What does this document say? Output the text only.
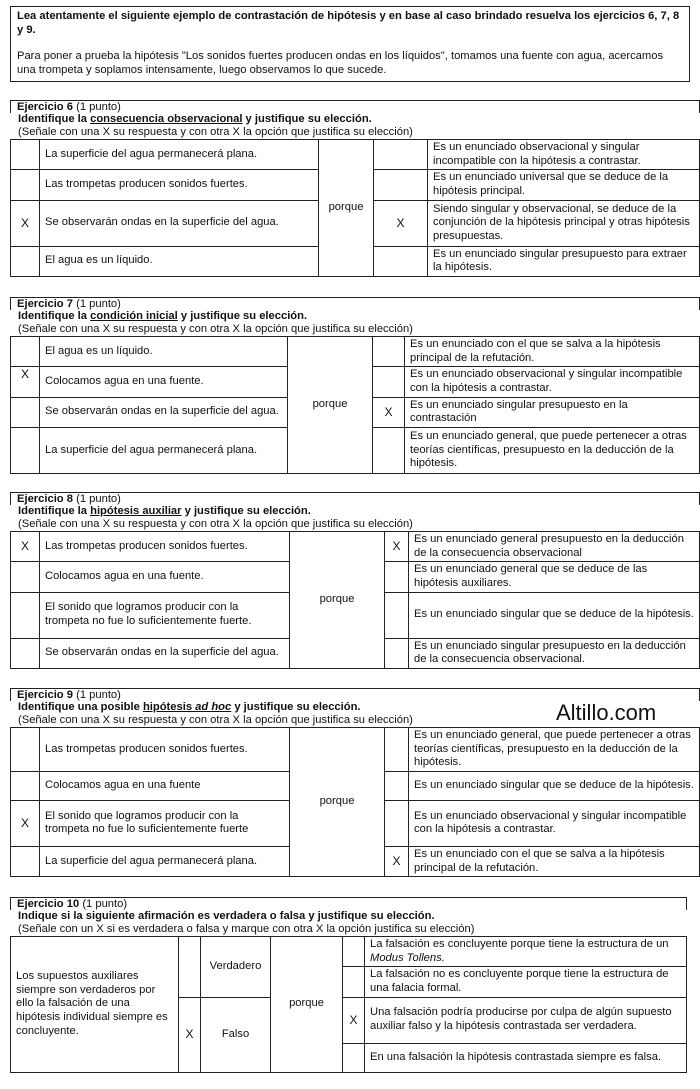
Lea atentamente el siguiente ejemplo de contrastación de hipótesis y en base al caso brindado resuelva los ejercicios 6, 7, 8 y 9.

Para poner a prueba la hipótesis "Los sonidos fuertes producen ondas en los líquidos", tomamos una fuente con agua, acercamos una trompeta y soplamos intensamente, luego observamos lo que sucede.

Ejercicio 6 (1 punto)
Identifique la consecuencia observacional y justifique su elección.
(Señale con una X su respuesta y con otra X la opción que justifica su elección)
	La superficie del agua permanecerá plana.	porque		Es un enunciado observacional y singular incompatible con la hipótesis a contrastar.
	Las trompetas producen sonidos fuertes.			Es un enunciado universal que se deduce de la hipótesis principal.
X	Se observarán ondas en la superficie del agua.		X	Siendo singular y observacional, se deduce de la conjunción de la hipótesis principal y otras hipótesis presupuestas.
	El agua es un líquido.			Es un enunciado singular presupuesto para extraer la hipótesis.
Ejercicio 7 (1 punto)
Identifique la condición inicial y justifique su elección.
(Señale con una X su respuesta y con otra X la opción que justifica su elección)
	El agua es un líquido.	porque		Es un enunciado con el que se salva a la hipótesis principal de la refutación.
X	Colocamos agua en una fuente.			Es un enunciado observacional y singular incompatible con la hipótesis a contrastar.
	Se observarán ondas en la superficie del agua.		X	Es un enunciado singular presupuesto en la contrastación
	La superficie del agua permanecerá plana.			Es un enunciado general, que puede pertenecer a otras teorías científicas, presupuesto en la deducción de la hipótesis.
Ejercicio 8 (1 punto)
Identifique la hipótesis auxiliar y justifique su elección.
(Señale con una X su respuesta y con otra X la opción que justifica su elección)
X	Las trompetas producen sonidos fuertes.	porque	X	Es un enunciado general presupuesto en la deducción de la consecuencia observacional
	Colocamos agua en una fuente.			Es un enunciado general que se deduce de las hipótesis auxiliares.
	El sonido que logramos producir con la trompeta no fue lo suficientemente fuerte.			Es un enunciado singular que se deduce de la hipótesis.
	Se observarán ondas en la superficie del agua.			Es un enunciado singular presupuesto en la deducción de la consecuencia observacional.
Altillo.com
Ejercicio 9 (1 punto)
Identifique una posible hipótesis ad hoc y justifique su elección.
(Señale con una X su respuesta y con otra X la opción que justifica su elección)
	Las trompetas producen sonidos fuertes.	porque		Es un enunciado general, que puede pertenecer a otras teorías científicas, presupuesto en la deducción de la hipótesis.
	Colocamos agua en una fuente			Es un enunciado singular que se deduce de la hipótesis.
X	El sonido que logramos producir con la trompeta no fue lo suficientemente fuerte			Es un enunciado observacional y singular incompatible con la hipótesis a contrastar.
	La superficie del agua permanecerá plana.		X	Es un enunciado con el que se salva a la hipótesis principal de la refutación.
Ejercicio 10 (1 punto)
Indique si la siguiente afirmación es verdadera o falsa y justifique su elección.
(Señale con un X si es verdadera o falsa y marque con otra X la opción justifica su elección)
Los supuestos auxiliares siempre son verdaderos por ello la falsación de una hipótesis individual siempre es concluyente.		Verdadero	porque		La falsación es concluyente porque tiene la estructura de un Modus Tollens.
					La falsación no es concluyente porque tiene la estructura de una falacia formal.
	X	Falso		X	Una falsación podría producirse por culpa de algún supuesto auxiliar falso y la hipótesis contrastada ser verdadera.
					En una falsación la hipótesis contrastada siempre es falsa.
